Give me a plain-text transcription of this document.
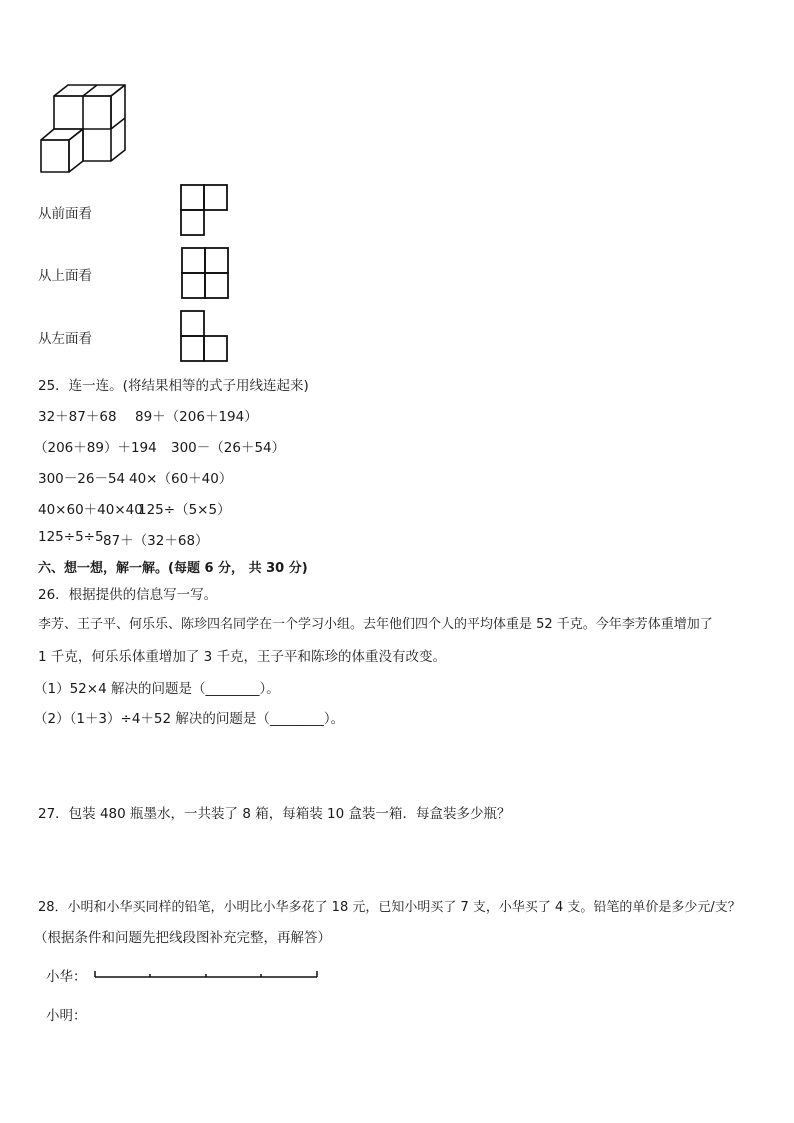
从前面看
从上面看
从左面看
25．连一连。(将结果相等的式子用线连起来)
32＋87＋68 89＋（206＋194）
（206＋89）＋194 300－（26＋54）
300－26－54 40×（60＋40）
40×60＋40×40
125÷（5×5）
125÷5÷5 87＋（32＋68）
六、想一想，解一解。(每题 6 分， 共 30 分)
26．根据提供的信息写一写。
李芳、王子平、何乐乐、陈珍四名同学在一个学习小组。去年他们四个人的平均体重是 52 千克。今年李芳体重增加了
1 千克，何乐乐体重增加了 3 千克，王子平和陈珍的体重没有改变。
（1）52×4 解决的问题是（________）。
（2）（1＋3）÷4＋52 解决的问题是（________）。
27．包装 480 瓶墨水，一共装了 8 箱，每箱装 10 盒装一箱．每盒装多少瓶？
28．小明和小华买同样的铅笔，小明比小华多花了 18 元，已知小明买了 7 支，小华买了 4 支。铅笔的单价是多少元/支？
（根据条件和问题先把线段图补充完整，再解答）
小华：
小明：
